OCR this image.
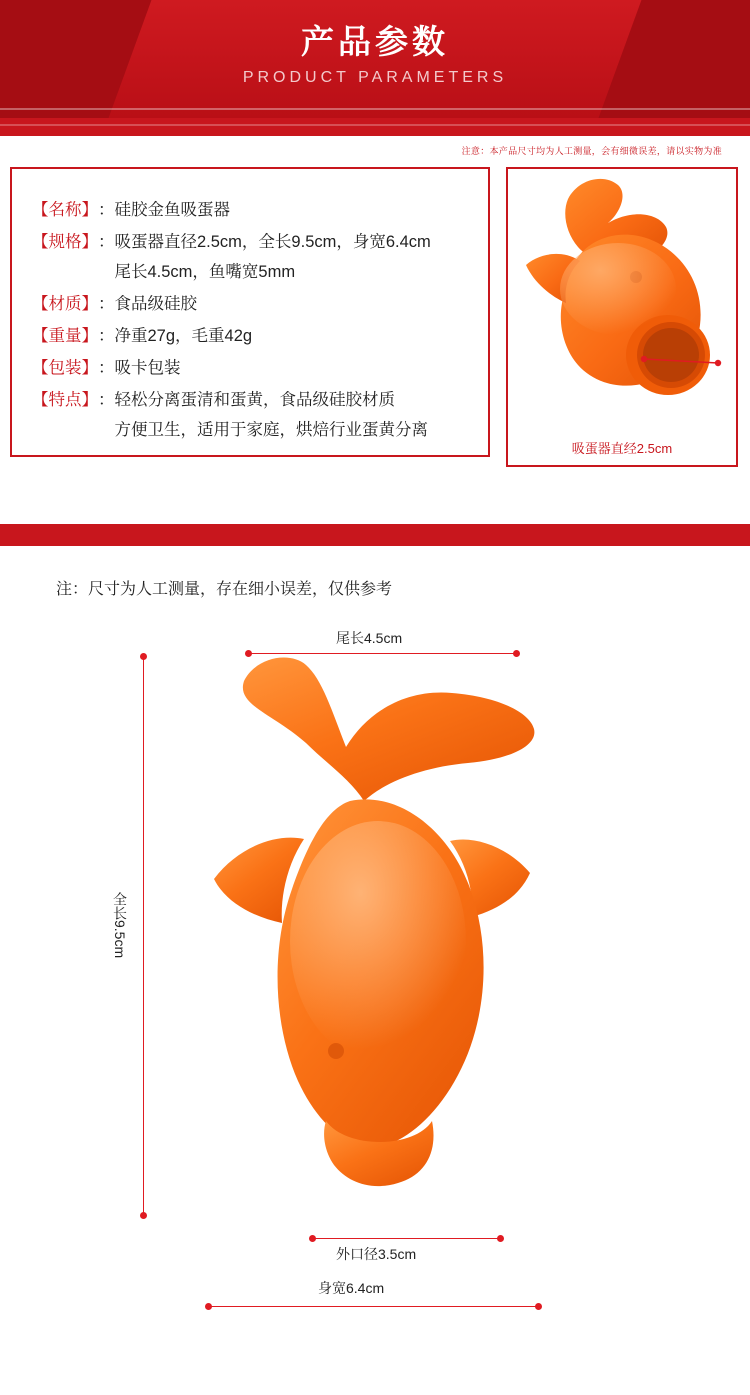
产品参数
PRODUCT PARAMETERS
注意：本产品尺寸均为人工测量，会有细微误差，请以实物为准
【名称】 ： 硅胶金鱼吸蛋器
【规格】 ： 吸蛋器直径2.5cm，全长9.5cm，身宽6.4cm
尾长4.5cm，鱼嘴宽5mm
【材质】 ： 食品级硅胶
【重量】 ： 净重27g，毛重42g
【包装】 ： 吸卡包装
【特点】 ： 轻松分离蛋清和蛋黄，食品级硅胶材质
方便卫生，适用于家庭，烘焙行业蛋黄分离
吸蛋器直经2.5cm
注：尺寸为人工测量，存在细小误差，仅供参考
尾长4.5cm
全长9.5cm
外口径3.5cm
身宽6.4cm
